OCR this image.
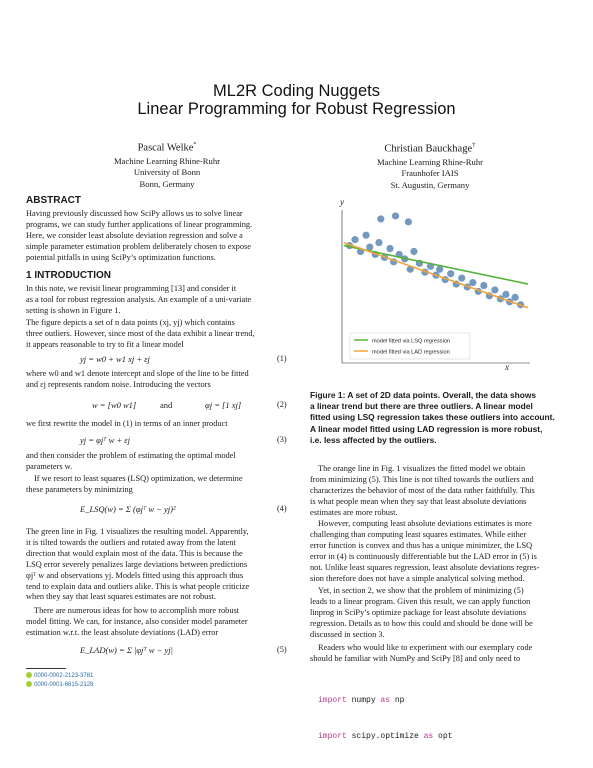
ML2R Coding Nuggets
Linear Programming for Robust Regression
Pascal Welke*
Machine Learning Rhine-Ruhr
University of Bonn
Bonn, Germany
Christian Bauckhage†
Machine Learning Rhine-Ruhr
Fraunhofer IAIS
St. Augustin, Germany
ABSTRACT
Having previously discussed how SciPy allows us to solve linear
programs, we can study further applications of linear programming.
Here, we consider least absolute deviation regression and solve a
simple parameter estimation problem deliberately chosen to expose
potential pitfalls in using SciPy’s optimization functions.
1 INTRODUCTION
In this note, we revisit linear programming [13] and consider it
as a tool for robust regression analysis. An example of a uni-variate
setting is shown in Figure 1.
The figure depicts a set of n data points (xj, yj) which contains
three outliers. However, since most of the data exhibit a linear trend,
it appears reasonable to try to fit a linear model
yj = w0 + w1 xj + εj	(1)
where w0 and w1 denote intercept and slope of the line to be fitted
and εj represents random noise. Introducing the vectors
w = [w0 w1]	and	φj = [1 xj]	(2)
we first rewrite the model in (1) in terms of an inner product
yj = φjᵀ w + εj	(3)
and then consider the problem of estimating the optimal model
parameters w.
If we resort to least squares (LSQ) optimization, we determine
these parameters by minimizing
E_LSQ(w) = Σ (φjᵀ w − yj)²	(4)
The green line in Fig. 1 visualizes the resulting model. Apparently,
it is tilted towards the outliers and rotated away from the latent
direction that would explain most of the data. This is because the
LSQ error severely penalizes large deviations between predictions
φjᵀ w and observations yj. Models fitted using this approach thus
tend to explain data and outliers alike. This is what people criticize
when they say that least squares estimates are not robust.
There are numerous ideas for how to accomplish more robust
model fitting. We can, for instance, also consider model parameter
estimation w.r.t. the least absolute deviations (LAD) error
E_LAD(w) = Σ |φjᵀ w − yj|	(5)
0000-0002-2123-3781
0000-0001-6615-2128
y
x
model fitted via LSQ regression
model fitted via LAD regression
Figure 1: A set of 2D data points. Overall, the data shows
a linear trend but there are three outliers. A linear model
fitted using LSQ regression takes these outliers into account.
A linear model fitted using LAD regression is more robust,
i.e. less affected by the outliers.
The orange line in Fig. 1 visualizes the fitted model we obtain
from minimizing (5). This line is not tilted towards the outliers and
characterizes the behavior of most of the data rather faithfully. This
is what people mean when they say that least absolute deviations
estimates are more robust.
However, computing least absolute deviations estimates is more
challenging than computing least squares estimates. While either
error function is convex and thus has a unique minimizer, the LSQ
error in (4) is continuously differentiable but the LAD error in (5) is
not. Unlike least squares regression, least absolute deviations regres-
sion therefore does not have a simple analytical solving method.
Yet, in section 2, we show that the problem of minimizing (5)
leads to a linear program. Given this result, we can apply function
linprog in SciPy’s optimize package for least absolute deviations
regression. Details as to how this could and should be done will be
discussed in section 3.
Readers who would like to experiment with our exemplary code
should be familiar with NumPy and SciPy [8] and only need to

import numpy as np

import scipy.optimize as opt
